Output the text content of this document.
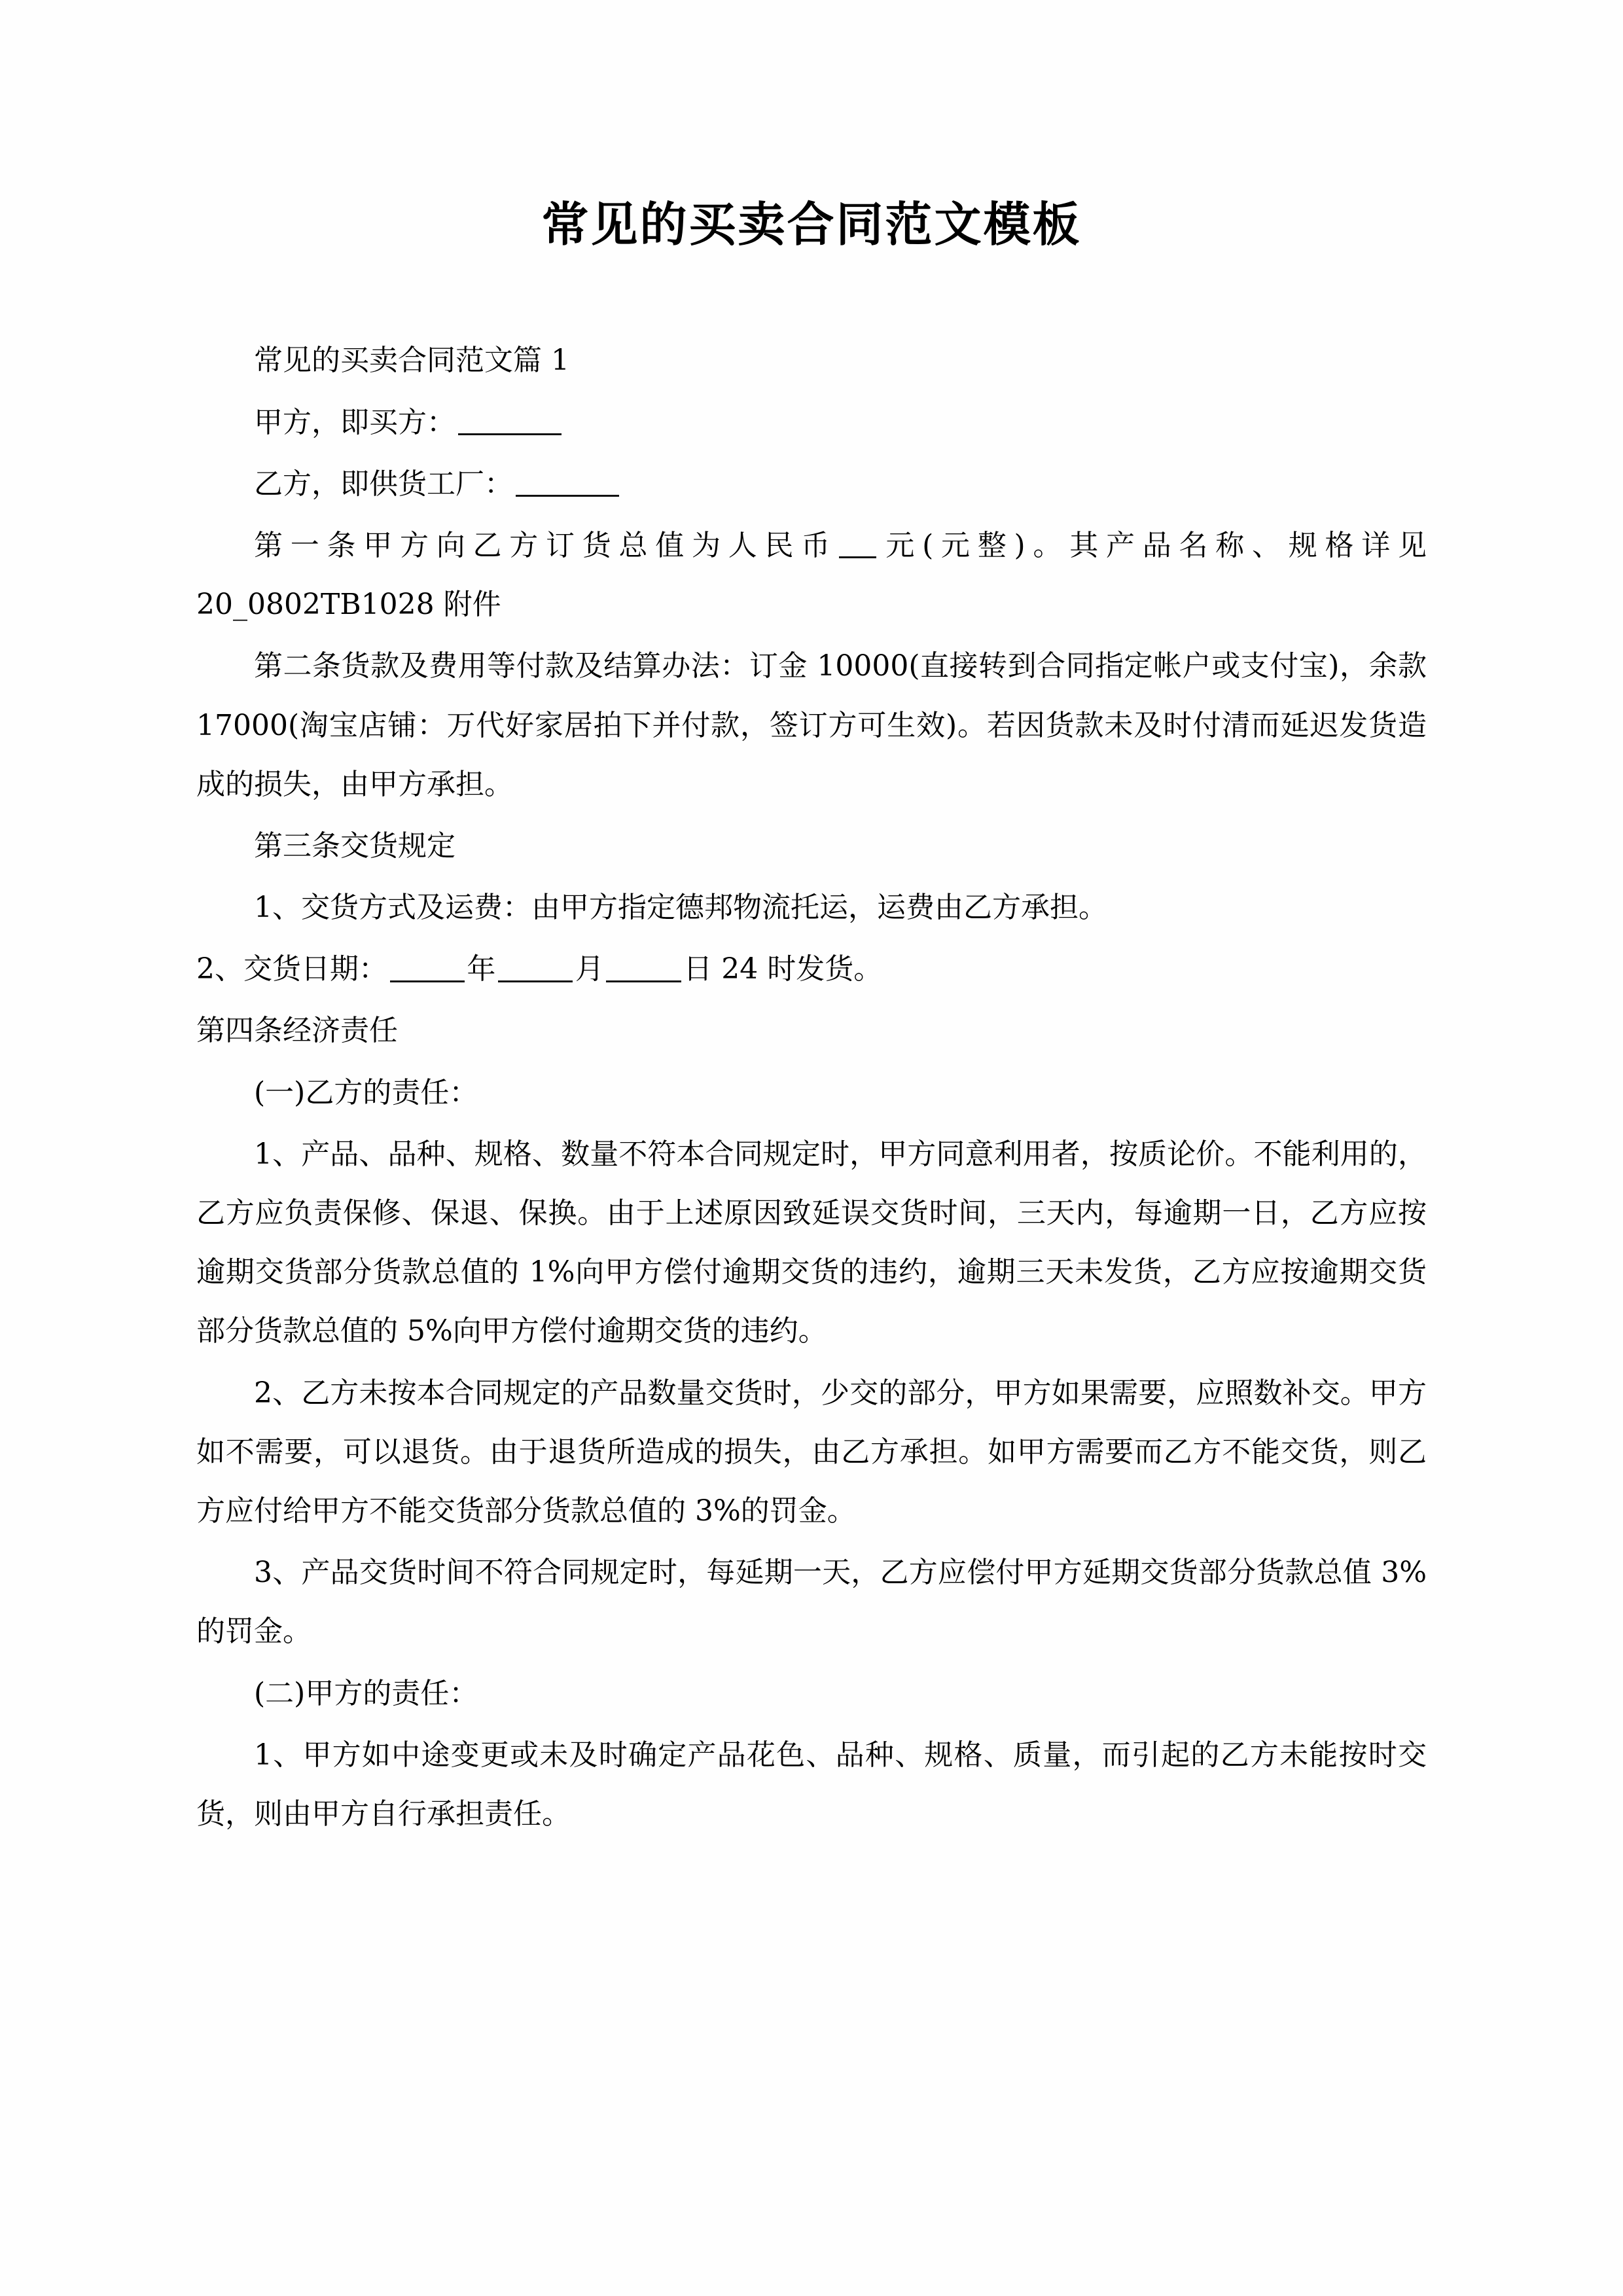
常见的买卖合同范文模板

常见的买卖合同范文篇 1

甲方，即买方：

乙方，即供货工厂：

第一条甲方向乙方订货总值为人民币 元(元整)。其产品名称、规格详见 20_0802TB1028 附件

第二条货款及费用等付款及结算办法：订金 10000(直接转到合同指定帐户或支付宝)，余款 17000(淘宝店铺：万代好家居拍下并付款，签订方可生效)。若因货款未及时付清而延迟发货造成的损失，由甲方承担。

第三条交货规定

1、交货方式及运费：由甲方指定德邦物流托运，运费由乙方承担。

2、交货日期：	年	月	日 24 时发货。

第四条经济责任

(一)乙方的责任：

1、产品、品种、规格、数量不符本合同规定时，甲方同意利用者，按质论价。不能利用的，乙方应负责保修、保退、保换。由于上述原因致延误交货时间，三天内，每逾期一日，乙方应按逾期交货部分货款总值的 1%向甲方偿付逾期交货的违约，逾期三天未发货，乙方应按逾期交货部分货款总值的 5%向甲方偿付逾期交货的违约。

2、乙方未按本合同规定的产品数量交货时，少交的部分，甲方如果需要，应照数补交。甲方如不需要，可以退货。由于退货所造成的损失，由乙方承担。如甲方需要而乙方不能交货，则乙方应付给甲方不能交货部分货款总值的 3%的罚金。

3、产品交货时间不符合同规定时，每延期一天，乙方应偿付甲方延期交货部分货款总值 3%的罚金。

(二)甲方的责任：

1、甲方如中途变更或未及时确定产品花色、品种、规格、质量，而引起的乙方未能按时交货，则由甲方自行承担责任。
